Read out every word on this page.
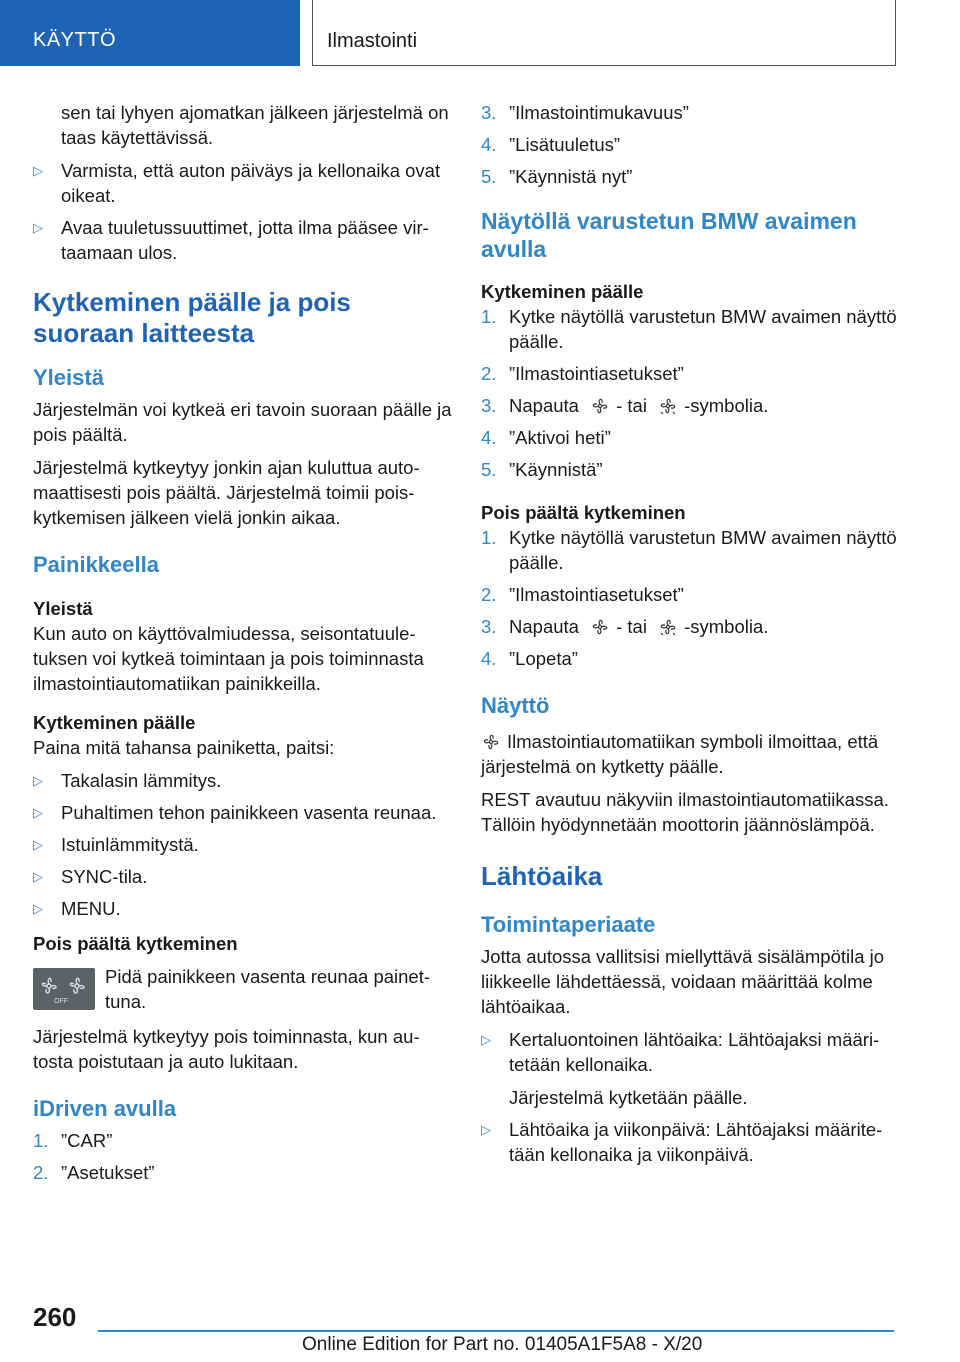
KÄYTTÖ	Ilmastointi

sen tai lyhyen ajomatkan jälkeen järjestelmä on taas käytettävissä.

▷ Varmista, että auton päiväys ja kellonaika ovat oikeat.
▷ Avaa tuuletussuuttimet, jotta ilma pääsee virtaamaan ulos.
Kytkeminen päälle ja pois suoraan laitteesta
Yleistä

Järjestelmän voi kytkeä eri tavoin suoraan päälle ja pois päältä.

Järjestelmä kytkeytyy jonkin ajan kuluttua automaattisesti pois päältä. Järjestelmä toimii poiskytkemisen jälkeen vielä jonkin aikaa.

Painikkeella

Yleistä

Kun auto on käyttövalmiudessa, seisontatuuletuksen voi kytkeä toimintaan ja pois toiminnasta ilmastointiautomatiikan painikkeilla.

Kytkeminen päälle

Paina mitä tahansa painiketta, paitsi:

▷ Takalasin lämmitys.
▷ Puhaltimen tehon painikkeen vasenta reunaa.
▷ Istuinlämmitystä.
▷ SYNC-tila.
▷ MENU.

Pois päältä kytkeminen

OFF

Pidä painikkeen vasenta reunaa painettuna.

Järjestelmä kytkeytyy pois toiminnasta, kun autosta poistutaan ja auto lukitaan.

iDriven avulla
1. ”CAR”
2. ”Asetukset”
3. ”Ilmastointimukavuus”
4. ”Lisätuuletus”
5. ”Käynnistä nyt”
Näytöllä varustetun BMW avaimen avulla

Kytkeminen päälle

1. Kytke näytöllä varustetun BMW avaimen näyttö päälle.
2. ”Ilmastointiasetukset”
3. Napauta - tai -symbolia.
4. ”Aktivoi heti”
5. ”Käynnistä”

Pois päältä kytkeminen

1. Kytke näytöllä varustetun BMW avaimen näyttö päälle.
2. ”Ilmastointiasetukset”
3. Napauta - tai -symbolia.
4. ”Lopeta”
Näyttö

Ilmastointiautomatiikan symboli ilmoittaa, että järjestelmä on kytketty päälle.

REST avautuu näkyviin ilmastointiautomatiikassa. Tällöin hyödynnetään moottorin jäännöslämpöä.

Lähtöaika
Toimintaperiaate

Jotta autossa vallitsisi miellyttävä sisälämpötila jo liikkeelle lähdettäessä, voidaan määrittää kolme lähtöaikaa.

▷ Kertaluontoinen lähtöaika: Lähtöajaksi määritetään kellonaika.
Järjestelmä kytketään päälle.
▷ Lähtöaika ja viikonpäivä: Lähtöajaksi määritetään kellonaika ja viikonpäivä.
260
Online Edition for Part no. 01405A1F5A8 - X/20
